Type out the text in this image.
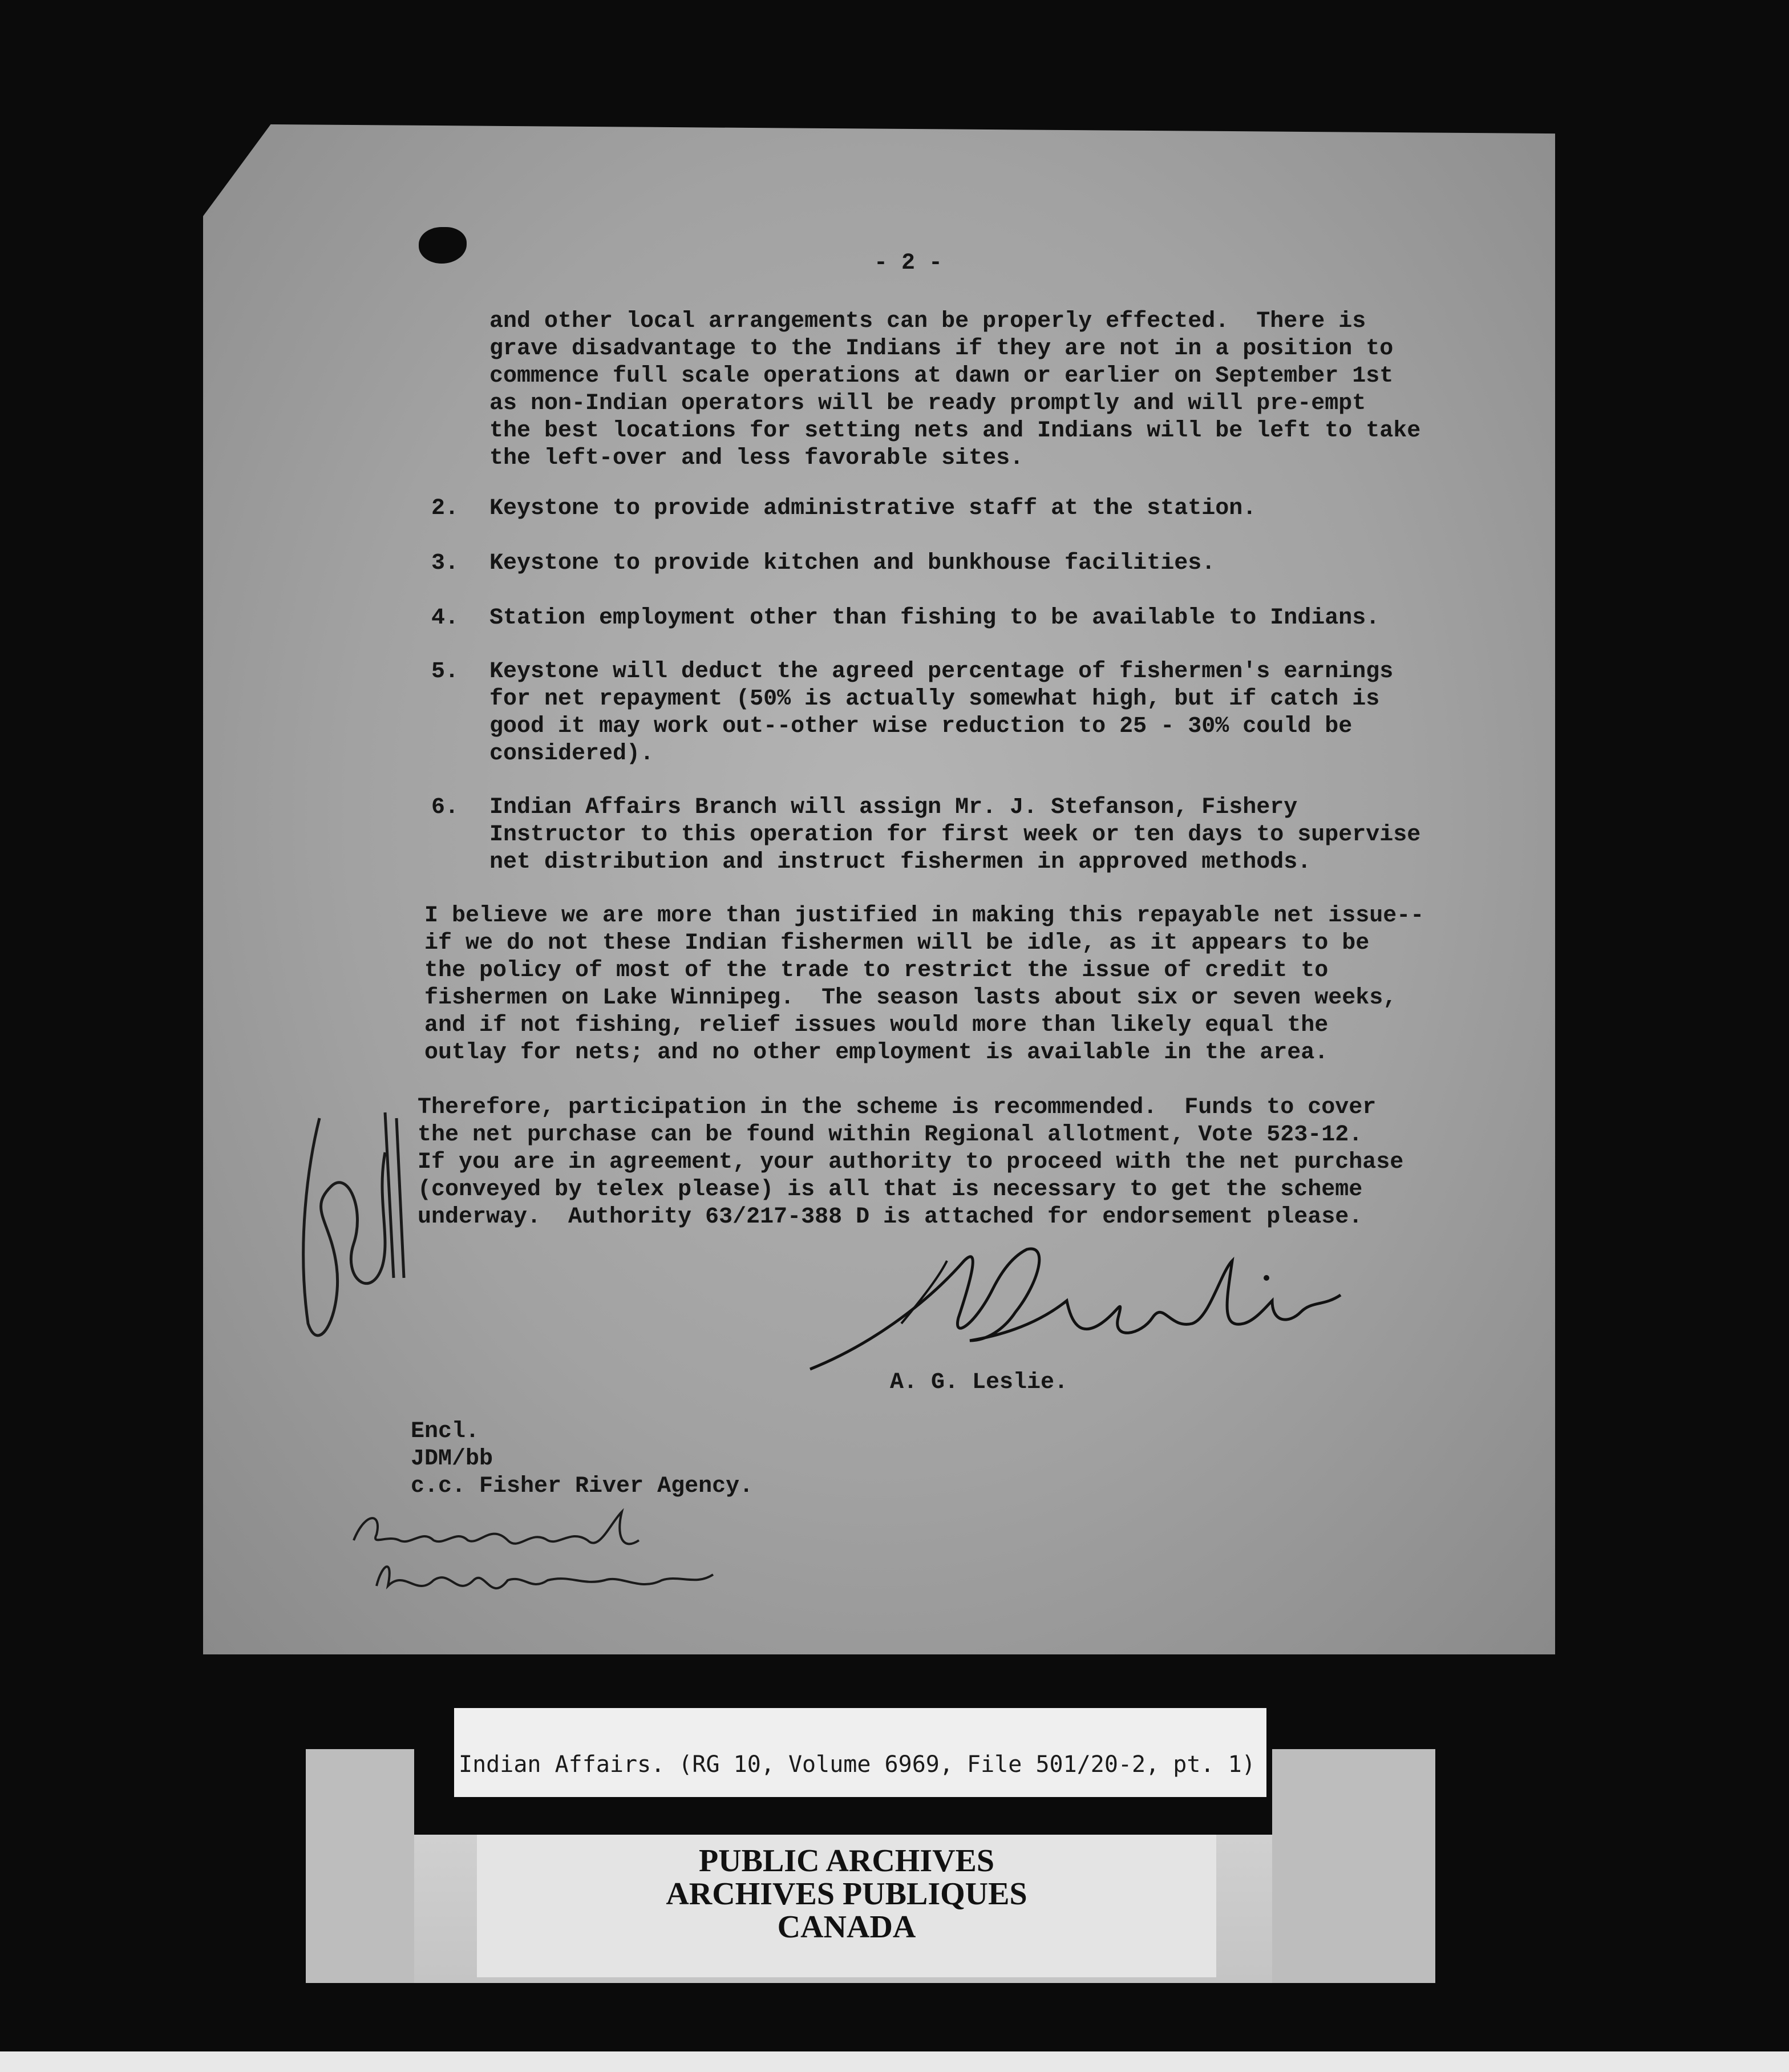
- 2 -
and other local arrangements can be properly effected.  There is
grave disadvantage to the Indians if they are not in a position to
commence full scale operations at dawn or earlier on September 1st
as non-Indian operators will be ready promptly and will pre-empt
the best locations for setting nets and Indians will be left to take
the left-over and less favorable sites.
2. Keystone to provide administrative staff at the station.
3. Keystone to provide kitchen and bunkhouse facilities.
4. Station employment other than fishing to be available to Indians.
5. Keystone will deduct the agreed percentage of fishermen's earnings
for net repayment (50% is actually somewhat high, but if catch is
good it may work out--other wise reduction to 25 - 30% could be
considered).
6. Indian Affairs Branch will assign Mr. J. Stefanson, Fishery
Instructor to this operation for first week or ten days to supervise
net distribution and instruct fishermen in approved methods.
I believe we are more than justified in making this repayable net issue--
if we do not these Indian fishermen will be idle, as it appears to be
the policy of most of the trade to restrict the issue of credit to
fishermen on Lake Winnipeg.  The season lasts about six or seven weeks,
and if not fishing, relief issues would more than likely equal the
outlay for nets; and no other employment is available in the area.
Therefore, participation in the scheme is recommended.  Funds to cover
the net purchase can be found within Regional allotment, Vote 523-12.
If you are in agreement, your authority to proceed with the net purchase
(conveyed by telex please) is all that is necessary to get the scheme
underway.  Authority 63/217-388 D is attached for endorsement please.
A. G. Leslie.
Encl.
JDM/bb
c.c. Fisher River Agency.
Indian Affairs. (RG 10, Volume 6969, File 501/20-2, pt. 1)
PUBLIC ARCHIVES
ARCHIVES PUBLIQUES
CANADA
